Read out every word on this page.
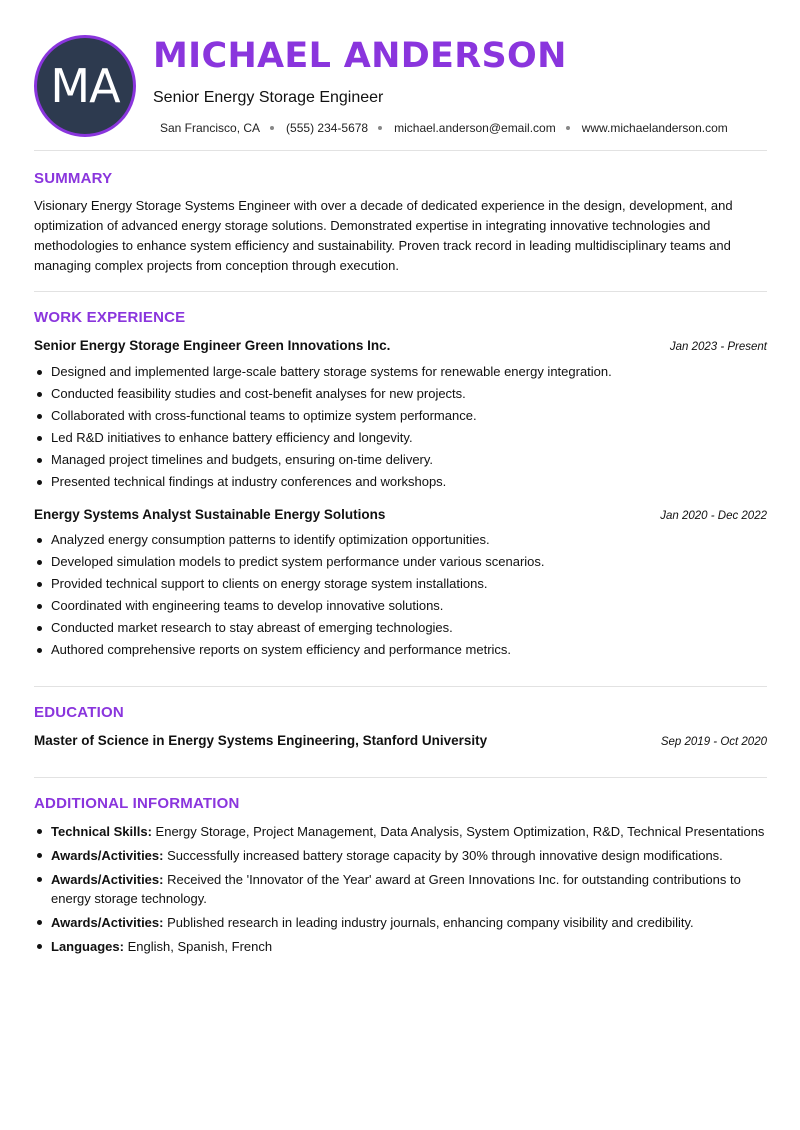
MA
MICHAEL ANDERSON
Senior Energy Storage Engineer
San Francisco, CA (555) 234-5678 michael.anderson@email.com www.michaelanderson.com
SUMMARY

Visionary Energy Storage Systems Engineer with over a decade of dedicated experience in the design, development, and optimization of advanced energy storage solutions. Demonstrated expertise in integrating innovative technologies and methodologies to enhance system efficiency and sustainability. Proven track record in leading multidisciplinary teams and managing complex projects from conception through execution.

WORK EXPERIENCE
Senior Energy Storage Engineer Green Innovations Inc.	Jan 2023 - Present
Designed and implemented large-scale battery storage systems for renewable energy integration.
Conducted feasibility studies and cost-benefit analyses for new projects.
Collaborated with cross-functional teams to optimize system performance.
Led R&D initiatives to enhance battery efficiency and longevity.
Managed project timelines and budgets, ensuring on-time delivery.
Presented technical findings at industry conferences and workshops.
Energy Systems Analyst Sustainable Energy Solutions	Jan 2020 - Dec 2022
Analyzed energy consumption patterns to identify optimization opportunities.
Developed simulation models to predict system performance under various scenarios.
Provided technical support to clients on energy storage system installations.
Coordinated with engineering teams to develop innovative solutions.
Conducted market research to stay abreast of emerging technologies.
Authored comprehensive reports on system efficiency and performance metrics.
EDUCATION
Master of Science in Energy Systems Engineering, Stanford University	Sep 2019 - Oct 2020
ADDITIONAL INFORMATION
Technical Skills: Energy Storage, Project Management, Data Analysis, System Optimization, R&D, Technical Presentations
Awards/Activities: Successfully increased battery storage capacity by 30% through innovative design modifications.
Awards/Activities: Received the 'Innovator of the Year' award at Green Innovations Inc. for outstanding contributions to energy storage technology.
Awards/Activities: Published research in leading industry journals, enhancing company visibility and credibility.
Languages: English, Spanish, French
